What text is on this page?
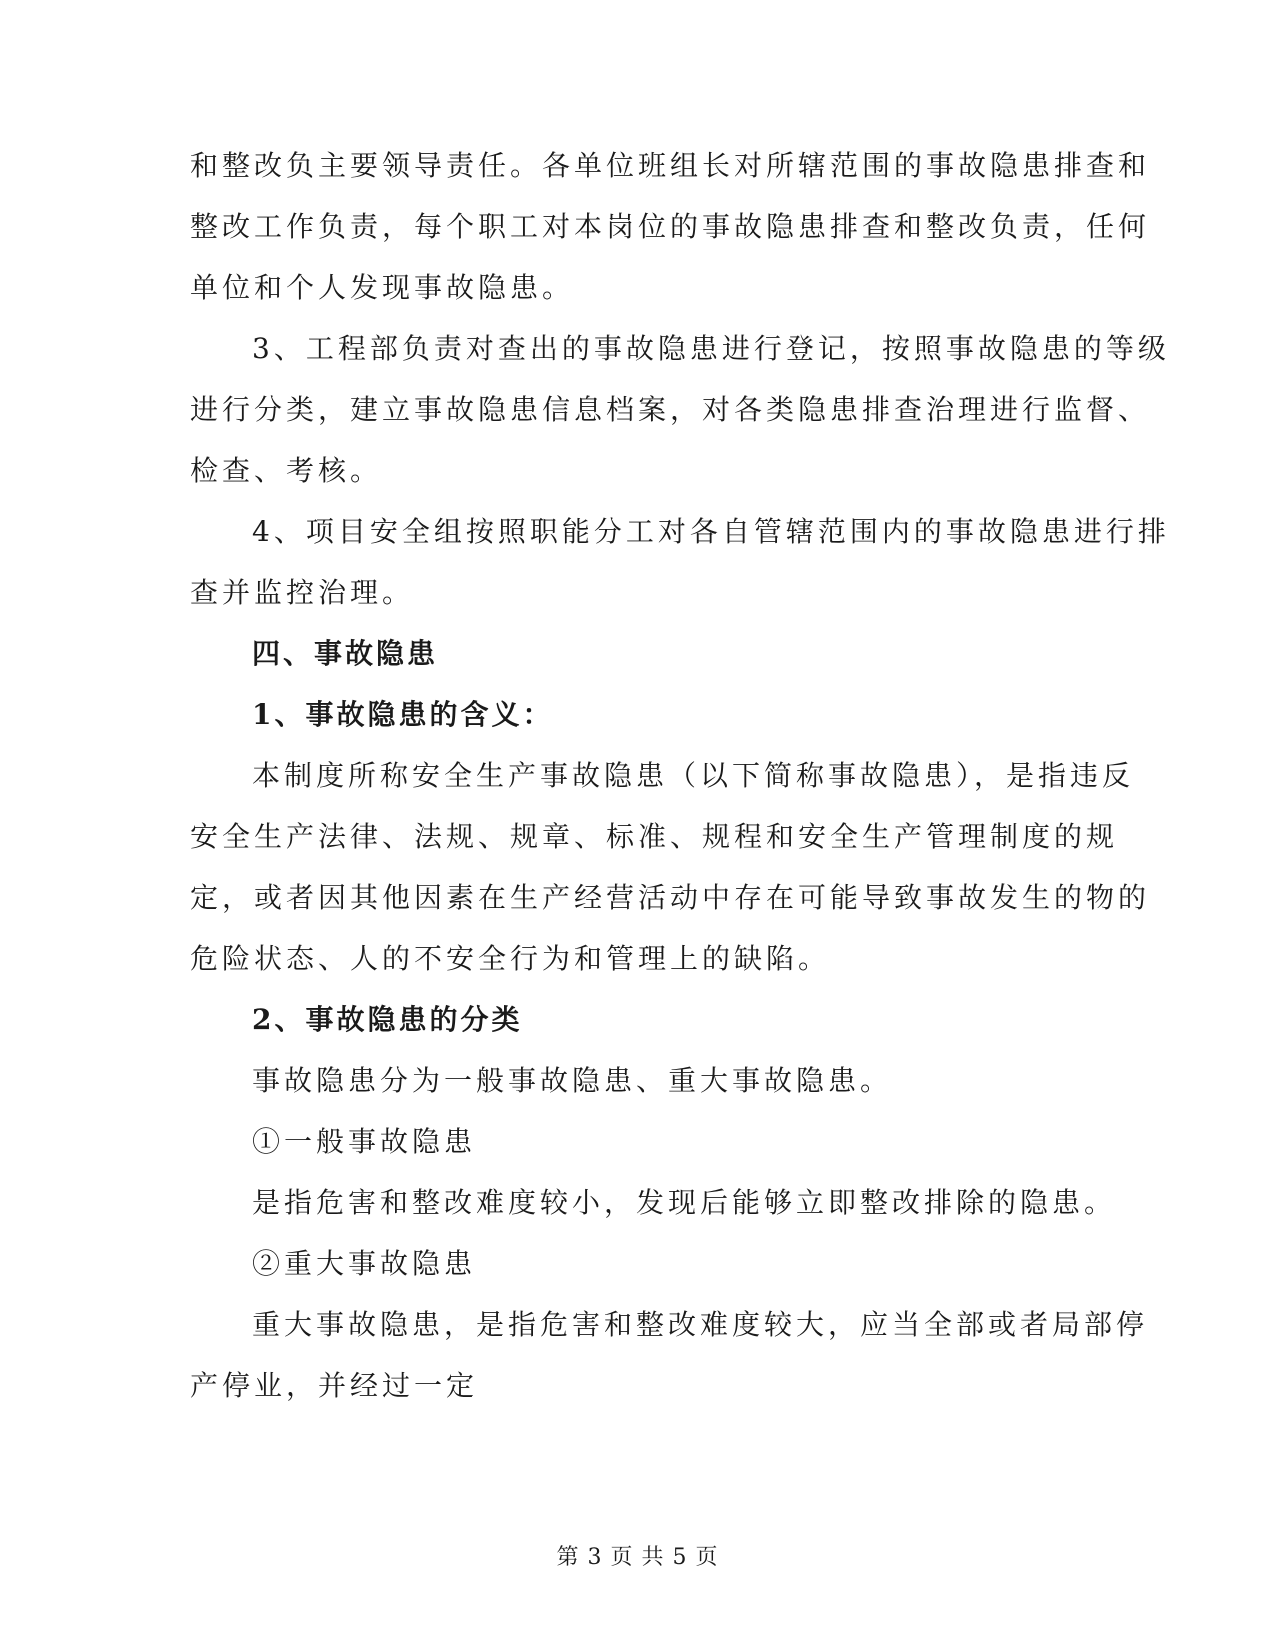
和整改负主要领导责任。各单位班组长对所辖范围的事故隐患排查和
整改工作负责，每个职工对本岗位的事故隐患排查和整改负责，任何
单位和个人发现事故隐患。
3、工程部负责对查出的事故隐患进行登记，按照事故隐患的等级
进行分类，建立事故隐患信息档案，对各类隐患排查治理进行监督、
检查、考核。
4、项目安全组按照职能分工对各自管辖范围内的事故隐患进行排
查并监控治理。
四、事故隐患
1、事故隐患的含义：
本制度所称安全生产事故隐患（以下简称事故隐患），是指违反
安全生产法律、法规、规章、标准、规程和安全生产管理制度的规
定，或者因其他因素在生产经营活动中存在可能导致事故发生的物的
危险状态、人的不安全行为和管理上的缺陷。
2、事故隐患的分类
事故隐患分为一般事故隐患、重大事故隐患。
①一般事故隐患
是指危害和整改难度较小，发现后能够立即整改排除的隐患。
②重大事故隐患
重大事故隐患，是指危害和整改难度较大，应当全部或者局部停
产停业，并经过一定
第 3 页 共 5 页
